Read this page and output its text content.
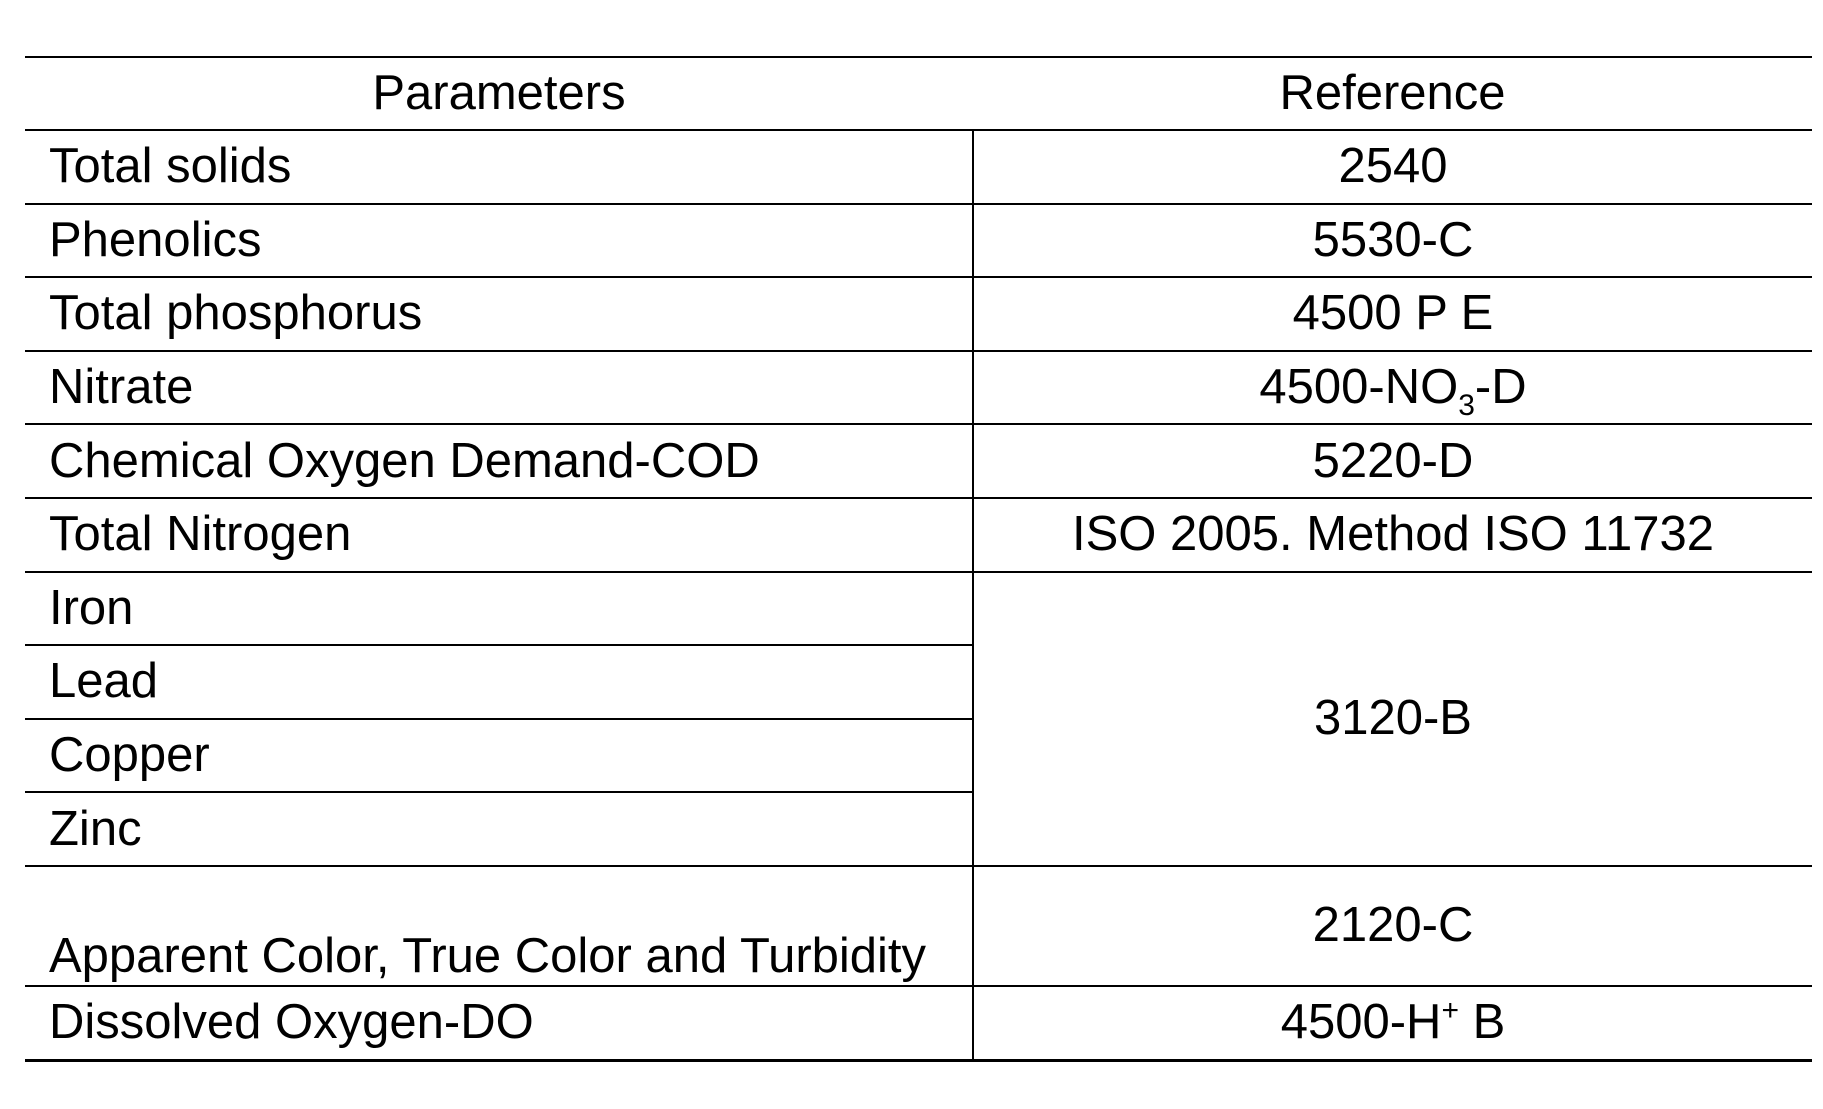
Parameters	Reference
Total solids	2540
Phenolics	5530-C
Total phosphorus	4500 P E
Nitrate	$4500-NO_3-D$
Chemical Oxygen Demand-COD	5220-D
Total Nitrogen	ISO 2005. Method ISO 11732
Iron	3120-B
Lead	
Copper	
Zinc	
Apparent Color, True Color and Turbidity	2120-C
Dissolved Oxygen-DO	4500-H+ B
